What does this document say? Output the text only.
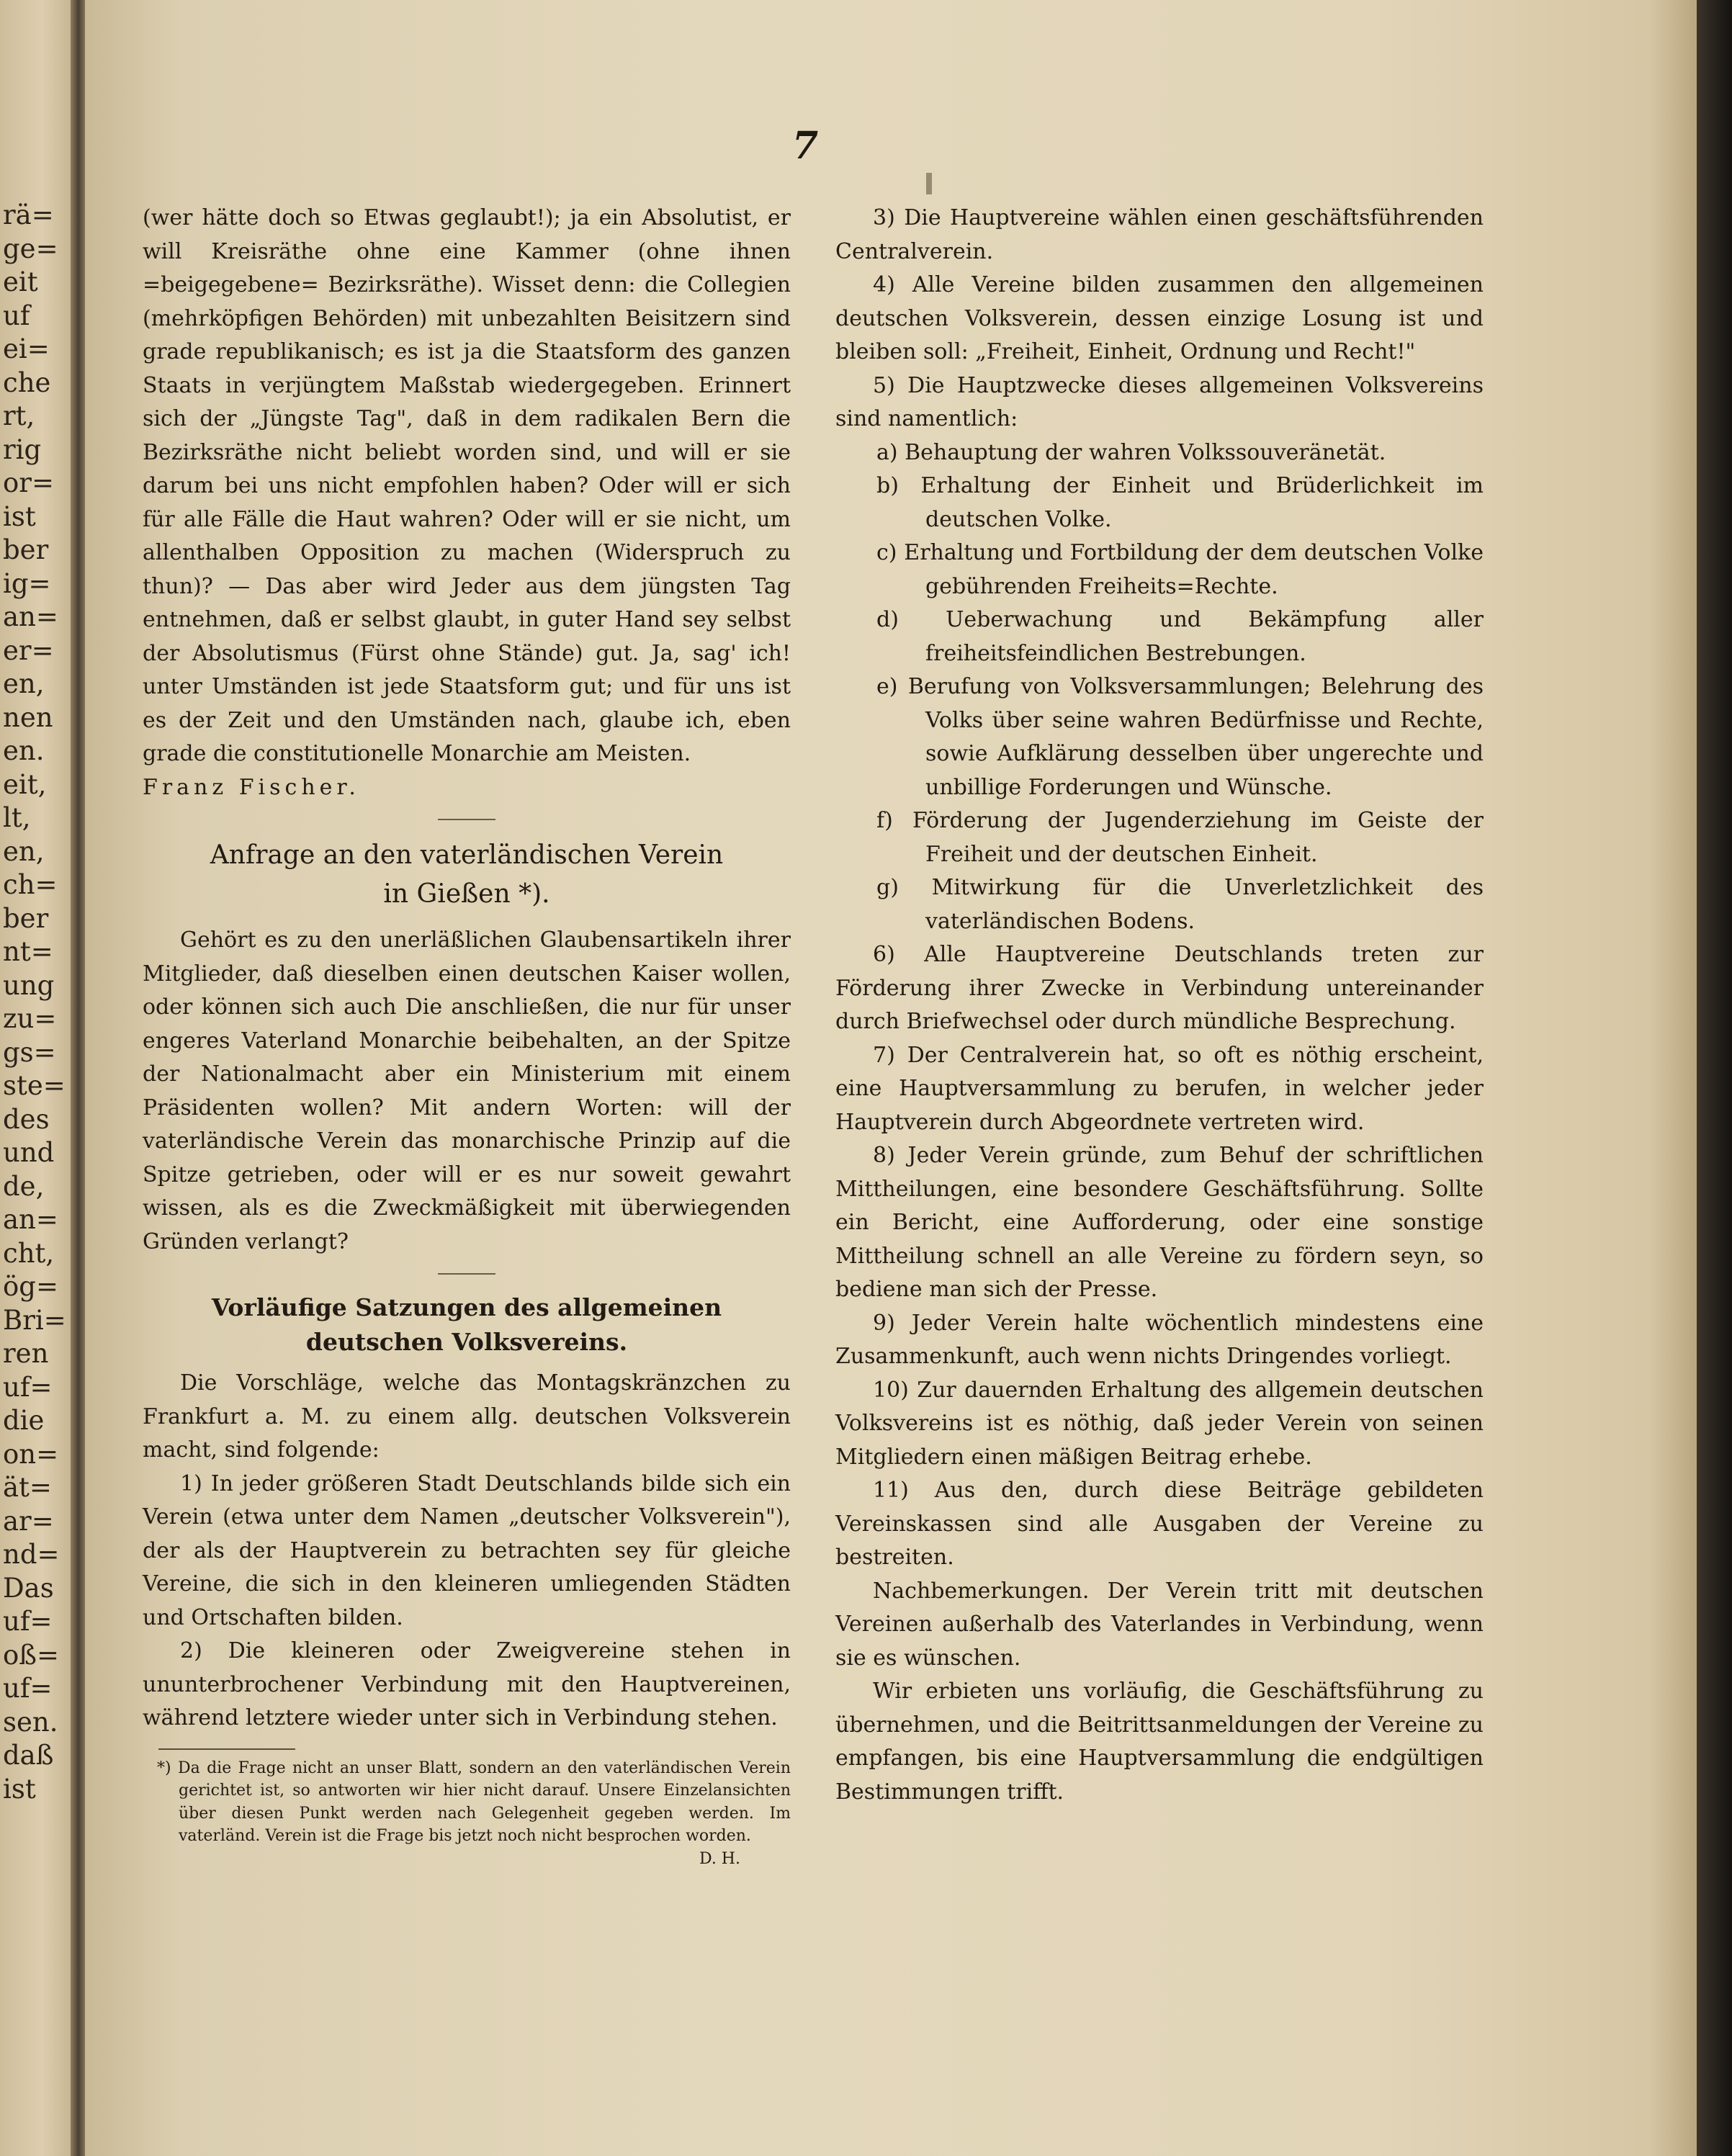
rä=
ge=
eit
uf
ei=
che
rt,
rig
or=
ist
ber
ig=
an=
er=
en,
nen
en.
eit,
lt,
en,
ch=
ber
nt=
ung
zu=
gs=
ste=
des
und
de,
an=
cht,
ög=
Bri=
ren
uf=
die
on=
ät=
ar=
nd=
Das
uf=
oß=
uf=
sen.
daß
ist
7

(wer hätte doch so Etwas geglaubt!); ja ein Absolutist, er will Kreisräthe ohne eine Kammer (ohne ihnen =beigegebene= Bezirksräthe). Wisset denn: die Collegien (mehrköpfigen Behörden) mit unbezahlten Beisitzern sind grade republikanisch; es ist ja die Staatsform des ganzen Staats in verjüngtem Maßstab wiedergegeben. Erinnert sich der „Jüngste Tag", daß in dem radikalen Bern die Bezirksräthe nicht beliebt worden sind, und will er sie darum bei uns nicht empfohlen haben? Oder will er sich für alle Fälle die Haut wahren? Oder will er sie nicht, um allenthalben Opposition zu machen (Widerspruch zu thun)? — Das aber wird Jeder aus dem jüngsten Tag entnehmen, daß er selbst glaubt, in guter Hand sey selbst der Absolutismus (Fürst ohne Stände) gut. Ja, sag' ich! unter Umständen ist jede Staatsform gut; und für uns ist es der Zeit und den Umständen nach, glaube ich, eben grade die constitutionelle Monarchie am Meisten.

Franz Fischer.

Anfrage an den vaterländischen Verein
in Gießen *).

Gehört es zu den unerläßlichen Glaubensartikeln ihrer Mitglieder, daß dieselben einen deutschen Kaiser wollen, oder können sich auch Die anschließen, die nur für unser engeres Vaterland Monarchie beibehalten, an der Spitze der Nationalmacht aber ein Ministerium mit einem Präsidenten wollen? Mit andern Worten: will der vaterländische Verein das monarchische Prinzip auf die Spitze getrieben, oder will er es nur soweit gewahrt wissen, als es die Zweckmäßigkeit mit überwiegenden Gründen verlangt?

Vorläufige Satzungen des allgemeinen deutschen Volksvereins.

Die Vorschläge, welche das Montagskränzchen zu Frankfurt a. M. zu einem allg. deutschen Volksverein macht, sind folgende:

1) In jeder größeren Stadt Deutschlands bilde sich ein Verein (etwa unter dem Namen „deutscher Volksverein"), der als der Hauptverein zu betrachten sey für gleiche Vereine, die sich in den kleineren umliegenden Städten und Ortschaften bilden.

2) Die kleineren oder Zweigvereine stehen in ununterbrochener Verbindung mit den Hauptvereinen, während letztere wieder unter sich in Verbindung stehen.

*) Da die Frage nicht an unser Blatt, sondern an den vaterländischen Verein gerichtet ist, so antworten wir hier nicht darauf. Unsere Einzelansichten über diesen Punkt werden nach Gelegenheit gegeben werden. Im vaterländ. Verein ist die Frage bis jetzt noch nicht besprochen worden.
D. H.

3) Die Hauptvereine wählen einen geschäftsführenden Centralverein.

4) Alle Vereine bilden zusammen den allgemeinen deutschen Volksverein, dessen einzige Losung ist und bleiben soll: „Freiheit, Einheit, Ordnung und Recht!"

5) Die Hauptzwecke dieses allgemeinen Volksvereins sind namentlich:

a) Behauptung der wahren Volkssouveränetät.

b) Erhaltung der Einheit und Brüderlichkeit im deutschen Volke.

c) Erhaltung und Fortbildung der dem deutschen Volke gebührenden Freiheits=Rechte.

d) Ueberwachung und Bekämpfung aller freiheitsfeindlichen Bestrebungen.

e) Berufung von Volksversammlungen; Belehrung des Volks über seine wahren Bedürfnisse und Rechte, sowie Aufklärung desselben über ungerechte und unbillige Forderungen und Wünsche.

f) Förderung der Jugenderziehung im Geiste der Freiheit und der deutschen Einheit.

g) Mitwirkung für die Unverletzlichkeit des vaterländischen Bodens.

6) Alle Hauptvereine Deutschlands treten zur Förderung ihrer Zwecke in Verbindung untereinander durch Briefwechsel oder durch mündliche Besprechung.

7) Der Centralverein hat, so oft es nöthig erscheint, eine Hauptversammlung zu berufen, in welcher jeder Hauptverein durch Abgeordnete vertreten wird.

8) Jeder Verein gründe, zum Behuf der schriftlichen Mittheilungen, eine besondere Geschäftsführung. Sollte ein Bericht, eine Aufforderung, oder eine sonstige Mittheilung schnell an alle Vereine zu fördern seyn, so bediene man sich der Presse.

9) Jeder Verein halte wöchentlich mindestens eine Zusammenkunft, auch wenn nichts Dringendes vorliegt.

10) Zur dauernden Erhaltung des allgemein deutschen Volksvereins ist es nöthig, daß jeder Verein von seinen Mitgliedern einen mäßigen Beitrag erhebe.

11) Aus den, durch diese Beiträge gebildeten Vereinskassen sind alle Ausgaben der Vereine zu bestreiten.

Nachbemerkungen. Der Verein tritt mit deutschen Vereinen außerhalb des Vaterlandes in Verbindung, wenn sie es wünschen.

Wir erbieten uns vorläufig, die Geschäftsführung zu übernehmen, und die Beitrittsanmeldungen der Vereine zu empfangen, bis eine Hauptversammlung die endgültigen Bestimmungen trifft.
